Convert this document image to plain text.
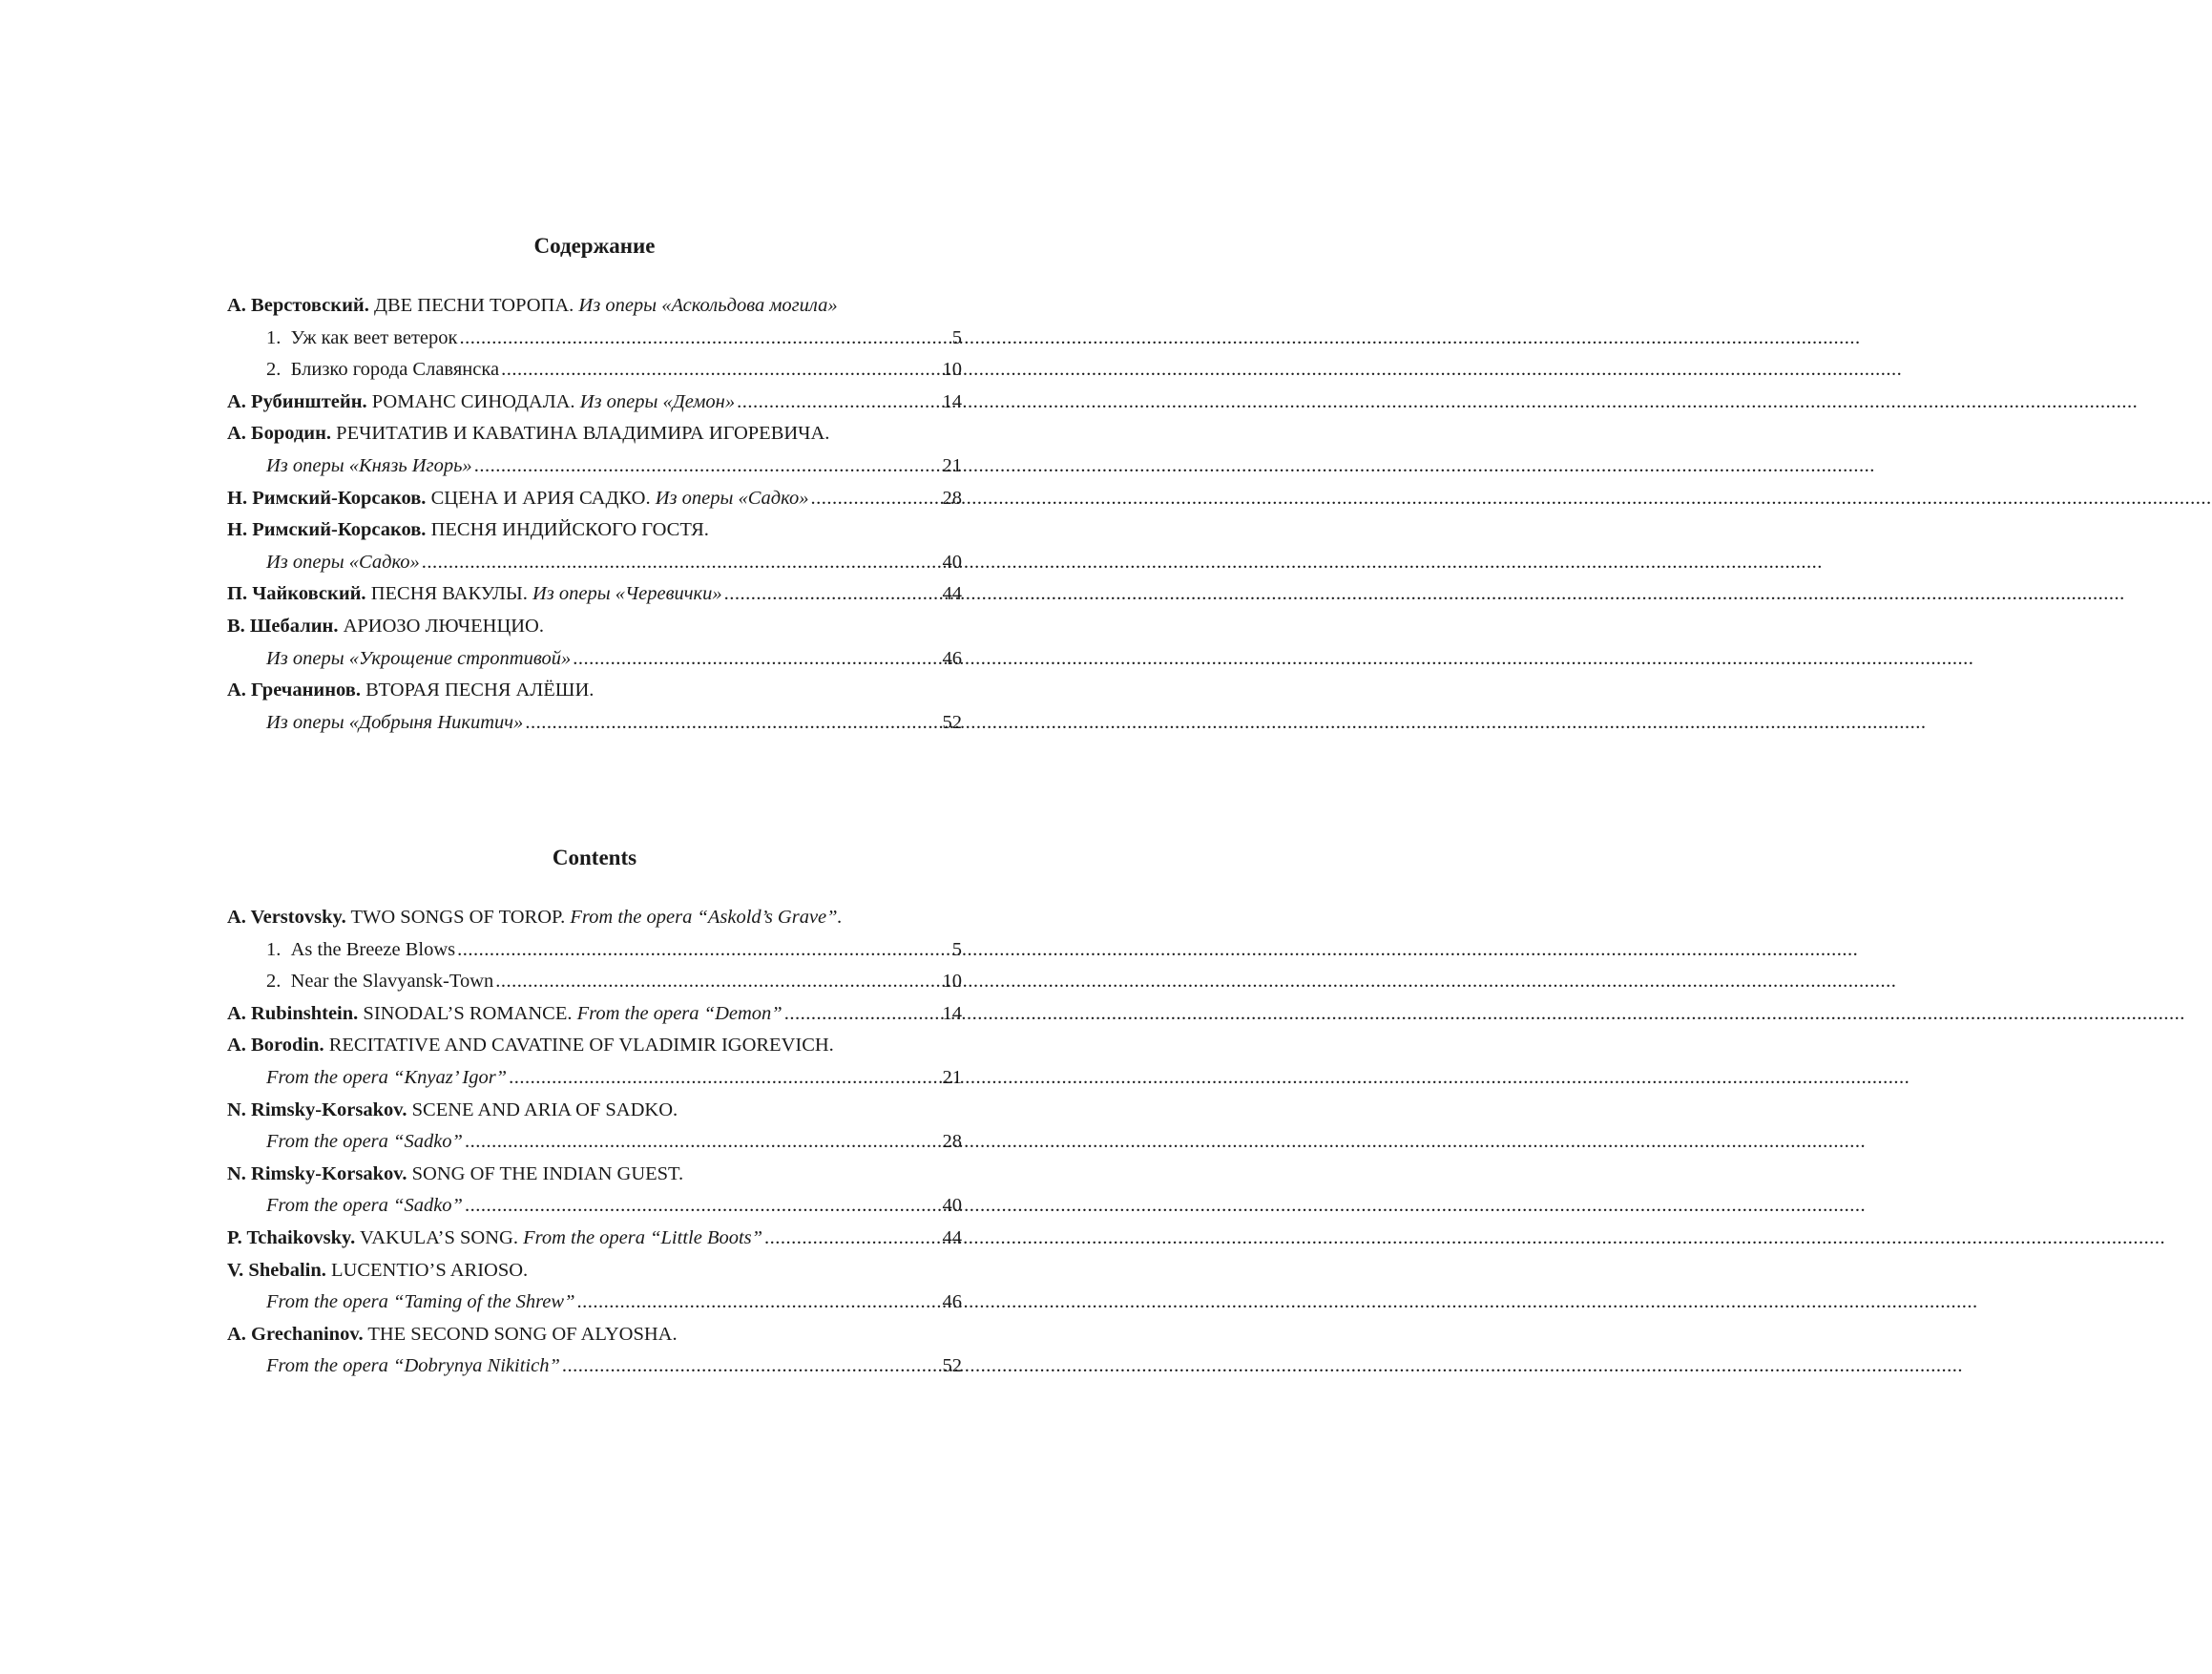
Содержание
А. Верстовский. ДВЕ ПЕСНИ ТОРОПА. Из оперы «Аскольдова могила»
1. Уж как веет ветерок .....	5
2. Близко города Славянска .....	10
А. Рубинштейн. РОМАНС СИНОДАЛА. Из оперы «Демон» .....	14
А. Бородин. РЕЧИТАТИВ И КАВАТИНА ВЛАДИМИРА ИГОРЕВИЧА.
Из оперы «Князь Игорь» .....	21
Н. Римский-Корсаков. СЦЕНА И АРИЯ САДКО. Из оперы «Садко» .....	28
Н. Римский-Корсаков. ПЕСНЯ ИНДИЙСКОГО ГОСТЯ.
Из оперы «Садко» .....	40
П. Чайковский. ПЕСНЯ ВАКУЛЫ. Из оперы «Черевички» .....	44
В. Шебалин. АРИОЗО ЛЮЧЕНЦИО.
Из оперы «Укрощение строптивой» .....	46
А. Гречанинов. ВТОРАЯ ПЕСНЯ АЛЁШИ.
Из оперы «Добрыня Никитич» .....	52
Contents
A. Verstovsky. TWO SONGS OF TOROP. From the opera “Askold’s Grave”.
1. As the Breeze Blows .....	5
2. Near the Slavyansk-Town .....	10
A. Rubinshtein. SINODAL’S ROMANCE. From the opera “Demon” .....	14
A. Borodin. RECITATIVE AND CAVATINE OF VLADIMIR IGOREVICH.
From the opera “Knyaz’ Igor” .....	21
N. Rimsky-Korsakov. SCENE AND ARIA OF SADKO.
From the opera “Sadko” .....	28
N. Rimsky-Korsakov. SONG OF THE INDIAN GUEST.
From the opera “Sadko” .....	40
P. Tchaikovsky. VAKULA’S SONG. From the opera “Little Boots” .....	44
V. Shebalin. LUCENTIO’S ARIOSO.
From the opera “Taming of the Shrew” .....	46
A. Grechaninov. THE SECOND SONG OF ALYOSHA.
From the opera “Dobrynya Nikitich” .....	52
